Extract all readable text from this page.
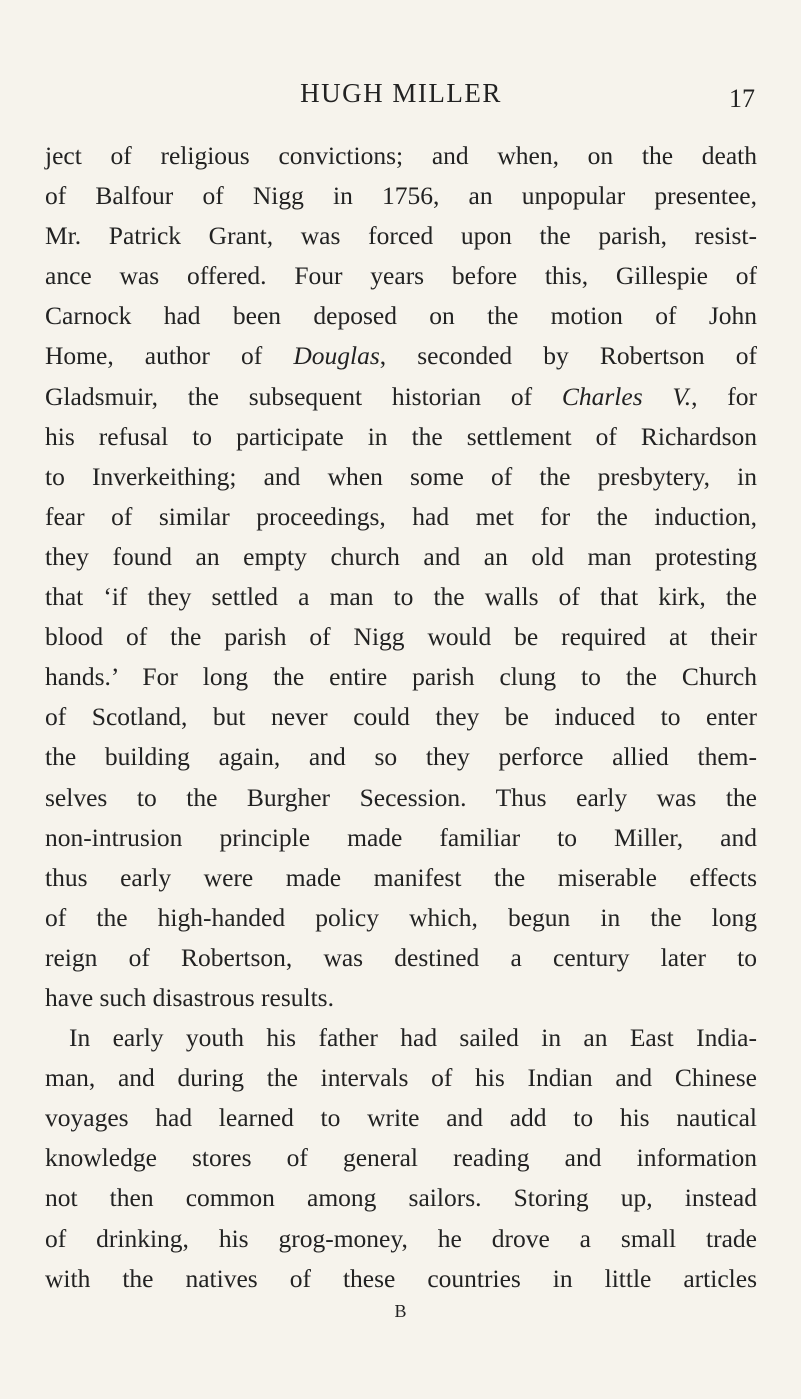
HUGH MILLER	17
ject of religious convictions; and when, on the death
of Balfour of Nigg in 1756, an unpopular presentee,
Mr. Patrick Grant, was forced upon the parish, resist-
ance was offered. Four years before this, Gillespie of
Carnock had been deposed on the motion of John
Home, author of Douglas, seconded by Robertson of
Gladsmuir, the subsequent historian of Charles V., for
his refusal to participate in the settlement of Richardson
to Inverkeithing; and when some of the presbytery, in
fear of similar proceedings, had met for the induction,
they found an empty church and an old man protesting
that ‘if they settled a man to the walls of that kirk, the
blood of the parish of Nigg would be required at their
hands.’ For long the entire parish clung to the Church
of Scotland, but never could they be induced to enter
the building again, and so they perforce allied them-
selves to the Burgher Secession. Thus early was the
non-intrusion principle made familiar to Miller, and
thus early were made manifest the miserable effects
of the high-handed policy which, begun in the long
reign of Robertson, was destined a century later to
have such disastrous results.
In early youth his father had sailed in an East India-
man, and during the intervals of his Indian and Chinese
voyages had learned to write and add to his nautical
knowledge stores of general reading and information
not then common among sailors. Storing up, instead
of drinking, his grog-money, he drove a small trade
with the natives of these countries in little articles
B
